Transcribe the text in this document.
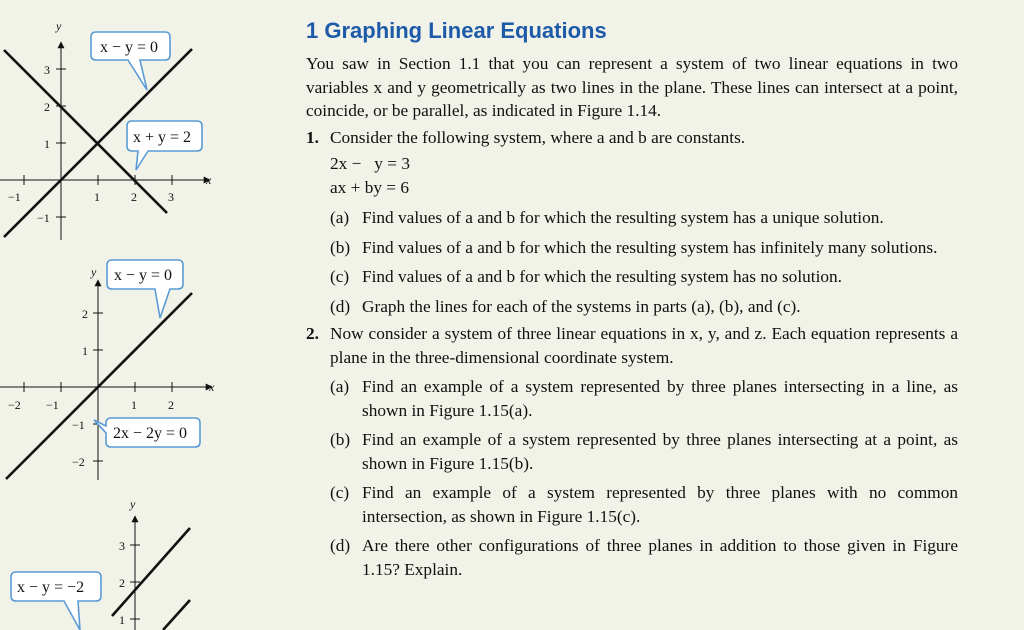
y
x
−1	1	2	3
−1
1
2
3
x − y = 0
x + y = 2
y
x
−2 −1	1	2
−2
−1
1
2
x − y = 0
2x − 2y = 0
y
3
2
1
x − y = −2
1 Graphing Linear Equations

You saw in Section 1.1 that you can represent a system of two linear equations in two variables x and y geometrically as two lines in the plane. These lines can intersect at a point, coincide, or be parallel, as indicated in Figure 1.14.

1. Consider the following system, where a and b are constants.
2x −   y = 3
ax + by = 6
(a) Find values of a and b for which the resulting system has a unique solution.
(b) Find values of a and b for which the resulting system has infinitely many solutions.
(c) Find values of a and b for which the resulting system has no solution.
(d) Graph the lines for each of the systems in parts (a), (b), and (c).
2. Now consider a system of three linear equations in x, y, and z. Each equation represents a plane in the three-dimensional coordinate system.
(a) Find an example of a system represented by three planes intersecting in a line, as shown in Figure 1.15(a).
(b) Find an example of a system represented by three planes intersecting at a point, as shown in Figure 1.15(b).
(c) Find an example of a system represented by three planes with no common intersection, as shown in Figure 1.15(c).
(d) Are there other configurations of three planes in addition to those given in Figure 1.15? Explain.
